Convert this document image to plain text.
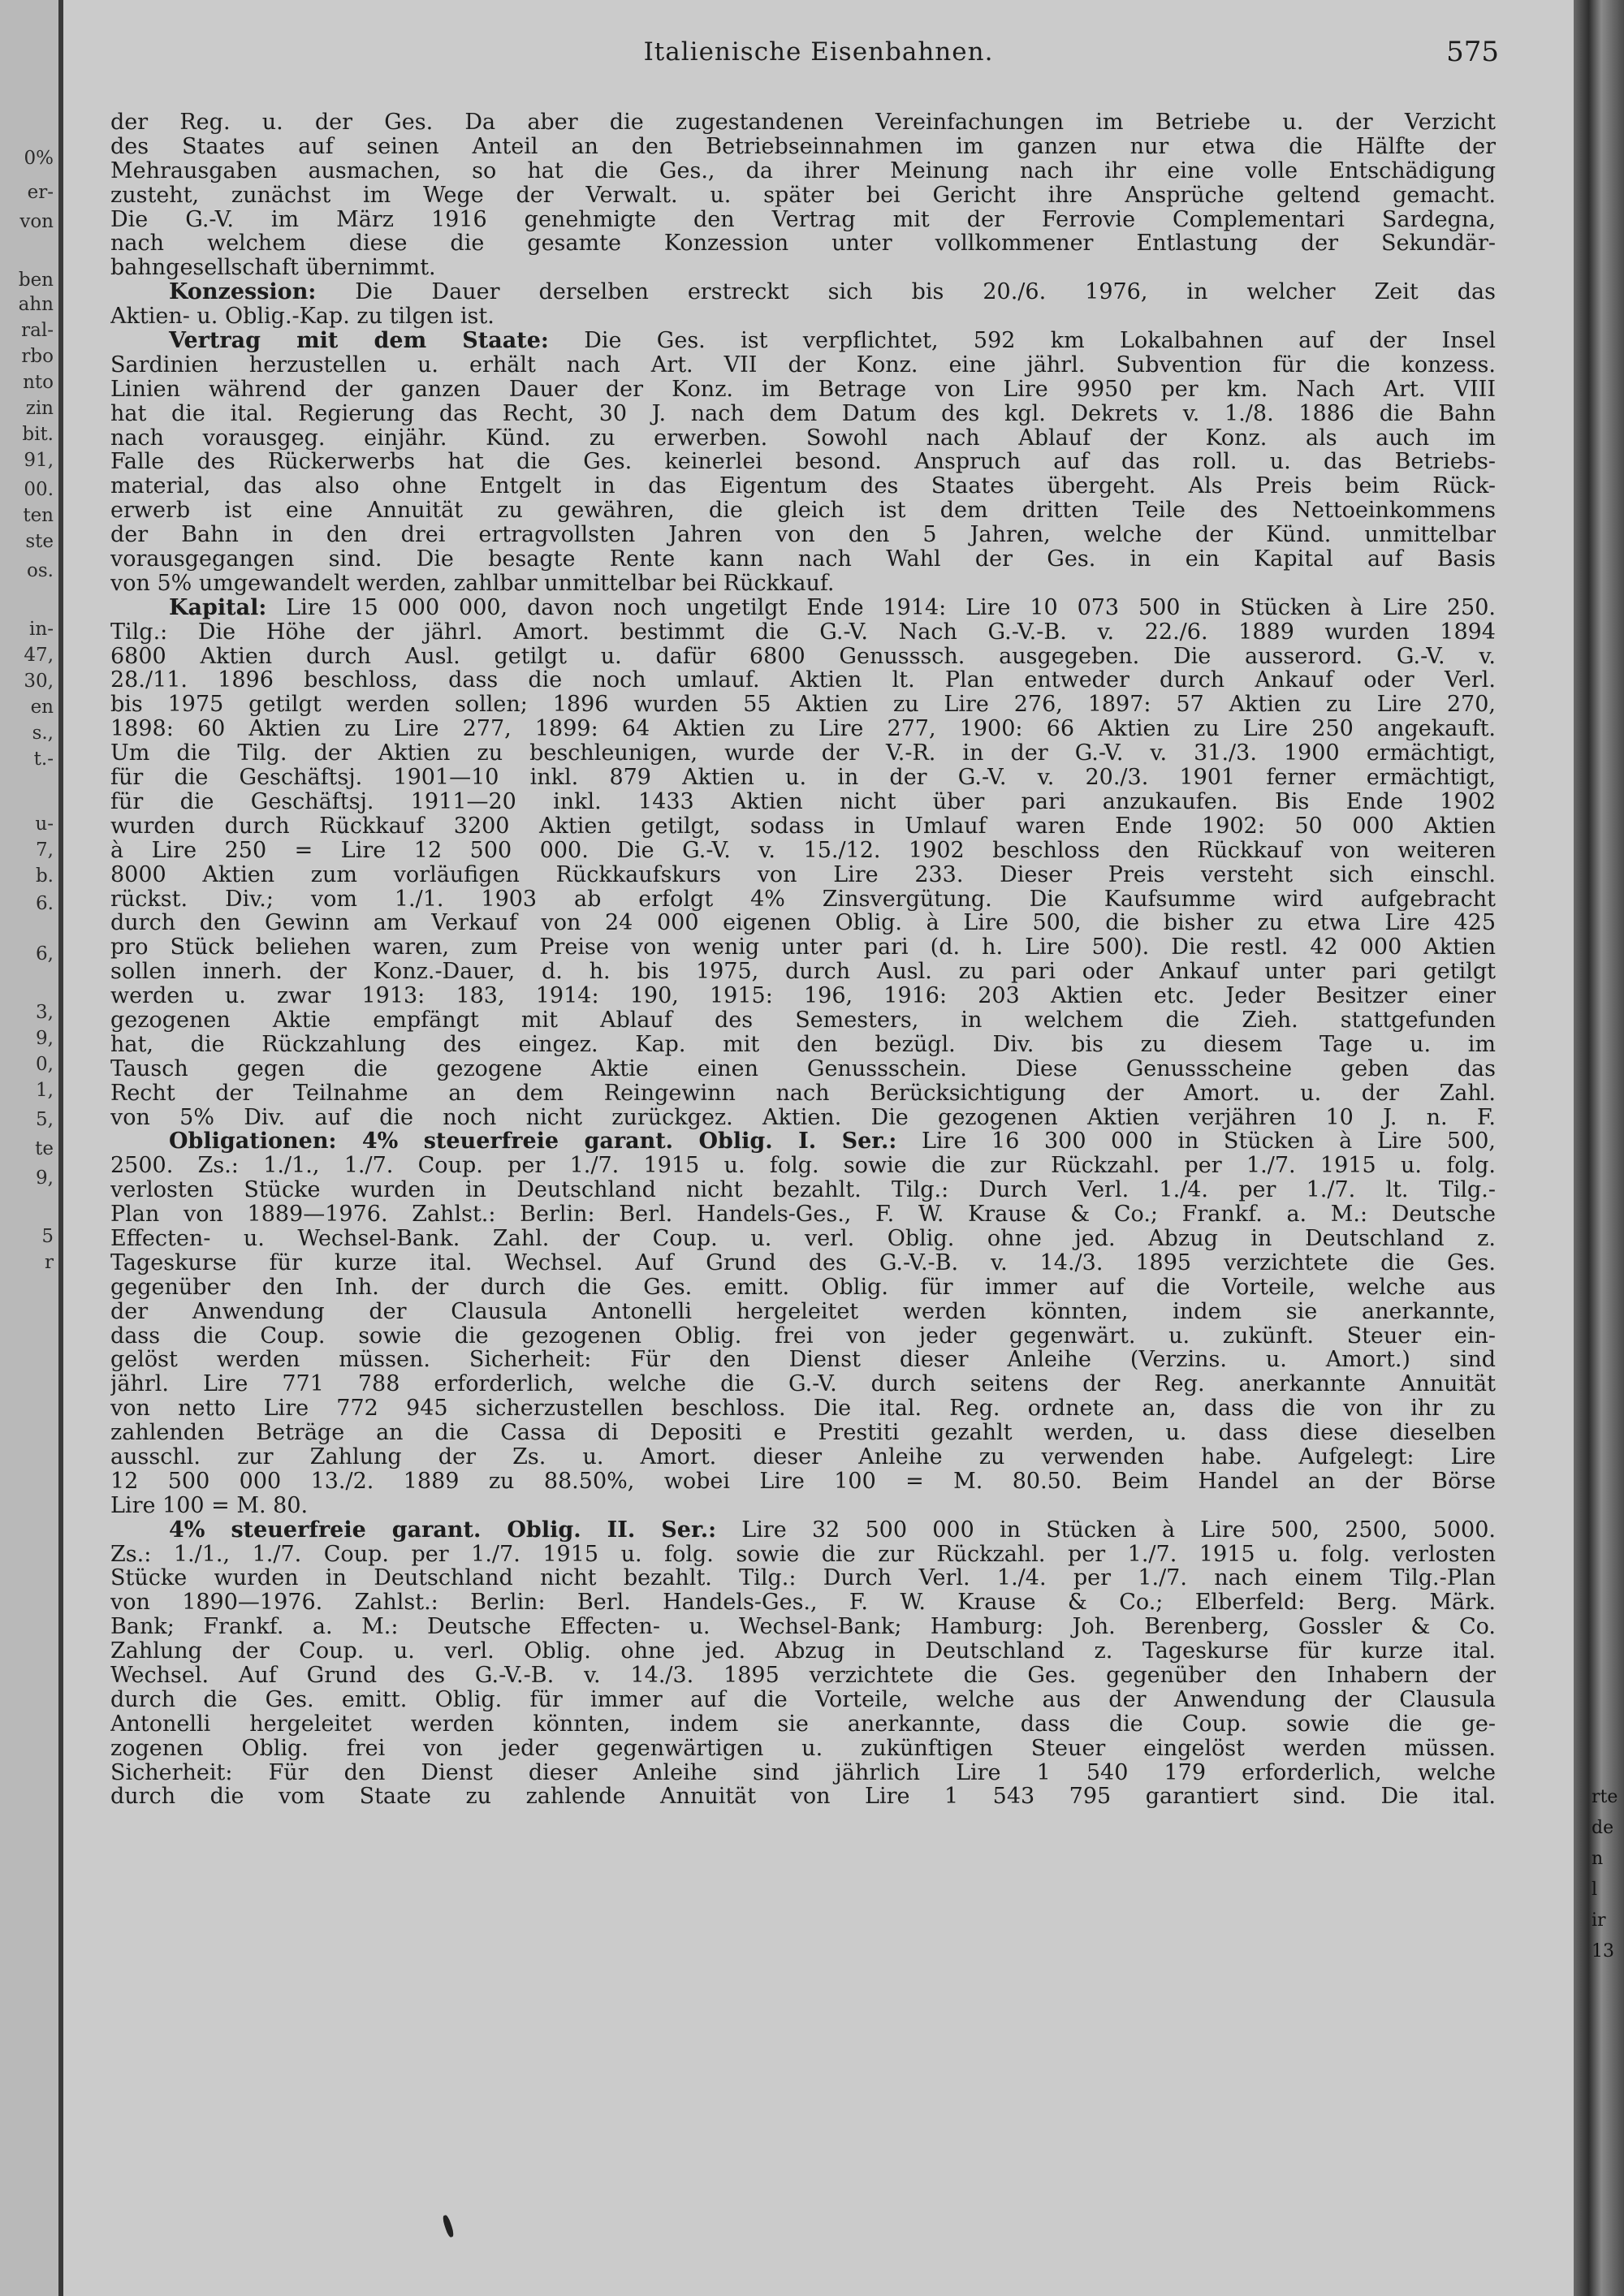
0%
er-
von
ben
ahn
ral-
rbo
nto
zin
bit.
91,
00.
ten
ste
os.
in-
47,
30,
en
s.,
t.-
u-
7,
b.
6.
6,
3,
9,
0,
1,
5,
te
9,
5
r
Italienische Eisenbahnen.	575
der Reg. u. der Ges. Da aber die zugestandenen Vereinfachungen im Betriebe u. der Verzicht
des Staates auf seinen Anteil an den Betriebseinnahmen im ganzen nur etwa die Hälfte der
Mehrausgaben ausmachen, so hat die Ges., da ihrer Meinung nach ihr eine volle Entschädigung
zusteht, zunächst im Wege der Verwalt. u. später bei Gericht ihre Ansprüche geltend gemacht.
Die G.-V. im März 1916 genehmigte den Vertrag mit der Ferrovie Complementari Sardegna,
nach welchem diese die gesamte Konzession unter vollkommener Entlastung der Sekundär-
bahngesellschaft übernimmt.
Konzession: Die Dauer derselben erstreckt sich bis 20./6. 1976, in welcher Zeit das
Aktien- u. Oblig.-Kap. zu tilgen ist.
Vertrag mit dem Staate: Die Ges. ist verpflichtet, 592 km Lokalbahnen auf der Insel
Sardinien herzustellen u. erhält nach Art. VII der Konz. eine jährl. Subvention für die konzess.
Linien während der ganzen Dauer der Konz. im Betrage von Lire 9950 per km. Nach Art. VIII
hat die ital. Regierung das Recht, 30 J. nach dem Datum des kgl. Dekrets v. 1./8. 1886 die Bahn
nach vorausgeg. einjähr. Künd. zu erwerben. Sowohl nach Ablauf der Konz. als auch im
Falle des Rückerwerbs hat die Ges. keinerlei besond. Anspruch auf das roll. u. das Betriebs-
material, das also ohne Entgelt in das Eigentum des Staates übergeht. Als Preis beim Rück-
erwerb ist eine Annuität zu gewähren, die gleich ist dem dritten Teile des Nettoeinkommens
der Bahn in den drei ertragvollsten Jahren von den 5 Jahren, welche der Künd. unmittelbar
vorausgegangen sind. Die besagte Rente kann nach Wahl der Ges. in ein Kapital auf Basis
von 5% umgewandelt werden, zahlbar unmittelbar bei Rückkauf.
Kapital: Lire 15 000 000, davon noch ungetilgt Ende 1914: Lire 10 073 500 in Stücken à Lire 250.
Tilg.: Die Höhe der jährl. Amort. bestimmt die G.-V. Nach G.-V.-B. v. 22./6. 1889 wurden 1894
6800 Aktien durch Ausl. getilgt u. dafür 6800 Genusssch. ausgegeben. Die ausserord. G.-V. v.
28./11. 1896 beschloss, dass die noch umlauf. Aktien lt. Plan entweder durch Ankauf oder Verl.
bis 1975 getilgt werden sollen; 1896 wurden 55 Aktien zu Lire 276, 1897: 57 Aktien zu Lire 270,
1898: 60 Aktien zu Lire 277, 1899: 64 Aktien zu Lire 277, 1900: 66 Aktien zu Lire 250 angekauft.
Um die Tilg. der Aktien zu beschleunigen, wurde der V.-R. in der G.-V. v. 31./3. 1900 ermächtigt,
für die Geschäftsj. 1901—10 inkl. 879 Aktien u. in der G.-V. v. 20./3. 1901 ferner ermächtigt,
für die Geschäftsj. 1911—20 inkl. 1433 Aktien nicht über pari anzukaufen. Bis Ende 1902
wurden durch Rückkauf 3200 Aktien getilgt, sodass in Umlauf waren Ende 1902: 50 000 Aktien
à Lire 250 = Lire 12 500 000. Die G.-V. v. 15./12. 1902 beschloss den Rückkauf von weiteren
8000 Aktien zum vorläufigen Rückkaufskurs von Lire 233. Dieser Preis versteht sich einschl.
rückst. Div.; vom 1./1. 1903 ab erfolgt 4% Zinsvergütung. Die Kaufsumme wird aufgebracht
durch den Gewinn am Verkauf von 24 000 eigenen Oblig. à Lire 500, die bisher zu etwa Lire 425
pro Stück beliehen waren, zum Preise von wenig unter pari (d. h. Lire 500). Die restl. 42 000 Aktien
sollen innerh. der Konz.-Dauer, d. h. bis 1975, durch Ausl. zu pari oder Ankauf unter pari getilgt
werden u. zwar 1913: 183, 1914: 190, 1915: 196, 1916: 203 Aktien etc. Jeder Besitzer einer
gezogenen Aktie empfängt mit Ablauf des Semesters, in welchem die Zieh. stattgefunden
hat, die Rückzahlung des eingez. Kap. mit den bezügl. Div. bis zu diesem Tage u. im
Tausch gegen die gezogene Aktie einen Genussschein. Diese Genussscheine geben das
Recht der Teilnahme an dem Reingewinn nach Berücksichtigung der Amort. u. der Zahl.
von 5% Div. auf die noch nicht zurückgez. Aktien. Die gezogenen Aktien verjähren 10 J. n. F.
Obligationen: 4% steuerfreie garant. Oblig. I. Ser.: Lire 16 300 000 in Stücken à Lire 500,
2500. Zs.: 1./1., 1./7. Coup. per 1./7. 1915 u. folg. sowie die zur Rückzahl. per 1./7. 1915 u. folg.
verlosten Stücke wurden in Deutschland nicht bezahlt. Tilg.: Durch Verl. 1./4. per 1./7. lt. Tilg.-
Plan von 1889—1976. Zahlst.: Berlin: Berl. Handels-Ges., F. W. Krause & Co.; Frankf. a. M.: Deutsche
Effecten- u. Wechsel-Bank. Zahl. der Coup. u. verl. Oblig. ohne jed. Abzug in Deutschland z.
Tageskurse für kurze ital. Wechsel. Auf Grund des G.-V.-B. v. 14./3. 1895 verzichtete die Ges.
gegenüber den Inh. der durch die Ges. emitt. Oblig. für immer auf die Vorteile, welche aus
der Anwendung der Clausula Antonelli hergeleitet werden könnten, indem sie anerkannte,
dass die Coup. sowie die gezogenen Oblig. frei von jeder gegenwärt. u. zukünft. Steuer ein-
gelöst werden müssen. Sicherheit: Für den Dienst dieser Anleihe (Verzins. u. Amort.) sind
jährl. Lire 771 788 erforderlich, welche die G.-V. durch seitens der Reg. anerkannte Annuität
von netto Lire 772 945 sicherzustellen beschloss. Die ital. Reg. ordnete an, dass die von ihr zu
zahlenden Beträge an die Cassa di Depositi e Prestiti gezahlt werden, u. dass diese dieselben
ausschl. zur Zahlung der Zs. u. Amort. dieser Anleihe zu verwenden habe. Aufgelegt: Lire
12 500 000 13./2. 1889 zu 88.50%, wobei Lire 100 = M. 80.50. Beim Handel an der Börse
Lire 100 = M. 80.
4% steuerfreie garant. Oblig. II. Ser.: Lire 32 500 000 in Stücken à Lire 500, 2500, 5000.
Zs.: 1./1., 1./7. Coup. per 1./7. 1915 u. folg. sowie die zur Rückzahl. per 1./7. 1915 u. folg. verlosten
Stücke wurden in Deutschland nicht bezahlt. Tilg.: Durch Verl. 1./4. per 1./7. nach einem Tilg.-Plan
von 1890—1976. Zahlst.: Berlin: Berl. Handels-Ges., F. W. Krause & Co.; Elberfeld: Berg. Märk.
Bank; Frankf. a. M.: Deutsche Effecten- u. Wechsel-Bank; Hamburg: Joh. Berenberg, Gossler & Co.
Zahlung der Coup. u. verl. Oblig. ohne jed. Abzug in Deutschland z. Tageskurse für kurze ital.
Wechsel. Auf Grund des G.-V.-B. v. 14./3. 1895 verzichtete die Ges. gegenüber den Inhabern der
durch die Ges. emitt. Oblig. für immer auf die Vorteile, welche aus der Anwendung der Clausula
Antonelli hergeleitet werden könnten, indem sie anerkannte, dass die Coup. sowie die ge-
zogenen Oblig. frei von jeder gegenwärtigen u. zukünftigen Steuer eingelöst werden müssen.
Sicherheit: Für den Dienst dieser Anleihe sind jährlich Lire 1 540 179 erforderlich, welche
durch die vom Staate zu zahlende Annuität von Lire 1 543 795 garantiert sind. Die ital.	rte
de
n
l
ir
13
